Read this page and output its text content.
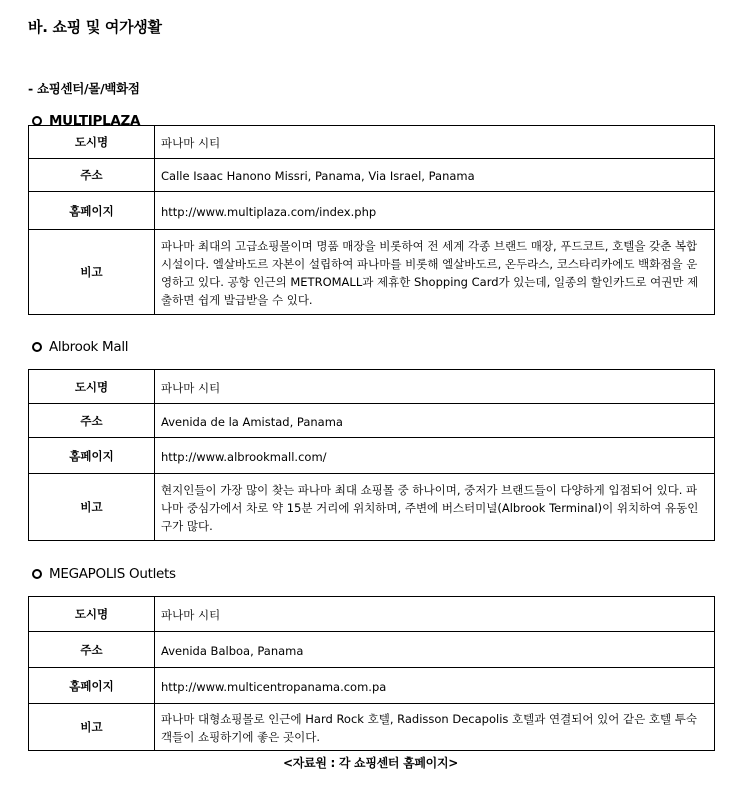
바. 쇼핑 및 여가생활
- 쇼핑센터/몰/백화점
MULTIPLAZA
도시명	파나마 시티
주소	Calle Isaac Hanono Missri, Panama, Via Israel, Panama
홈페이지	http://www.multiplaza.com/index.php
비고	파나마 최대의 고급쇼핑몰이며 명품 매장을 비롯하여 전 세계 각종 브랜드 매장, 푸드코트, 호텔을 갖춘 복합시설이다. 엘살바도르 자본이 설립하여 파나마를 비롯해 엘살바도르, 온두라스, 코스타리카에도 백화점을 운영하고 있다. 공항 인근의 METROMALL과 제휴한 Shopping Card가 있는데, 일종의 할인카드로 여권만 제출하면 쉽게 발급받을 수 있다.
Albrook Mall
도시명	파나마 시티
주소	Avenida de la Amistad, Panama
홈페이지	http://www.albrookmall.com/
비고	현지인들이 가장 많이 찾는 파나마 최대 쇼핑몰 중 하나이며, 중저가 브랜드들이 다양하게 입점되어 있다. 파나마 중심가에서 차로 약 15분 거리에 위치하며, 주변에 버스터미널(Albrook Terminal)이 위치하여 유동인구가 많다.
MEGAPOLIS Outlets
도시명	파나마 시티
주소	Avenida Balboa, Panama
홈페이지	http://www.multicentropanama.com.pa
비고	파나마 대형쇼핑몰로 인근에 Hard Rock 호텔, Radisson Decapolis 호텔과 연결되어 있어 같은 호텔 투숙객들이 쇼핑하기에 좋은 곳이다.
<자료원 : 각 쇼핑센터 홈페이지>
